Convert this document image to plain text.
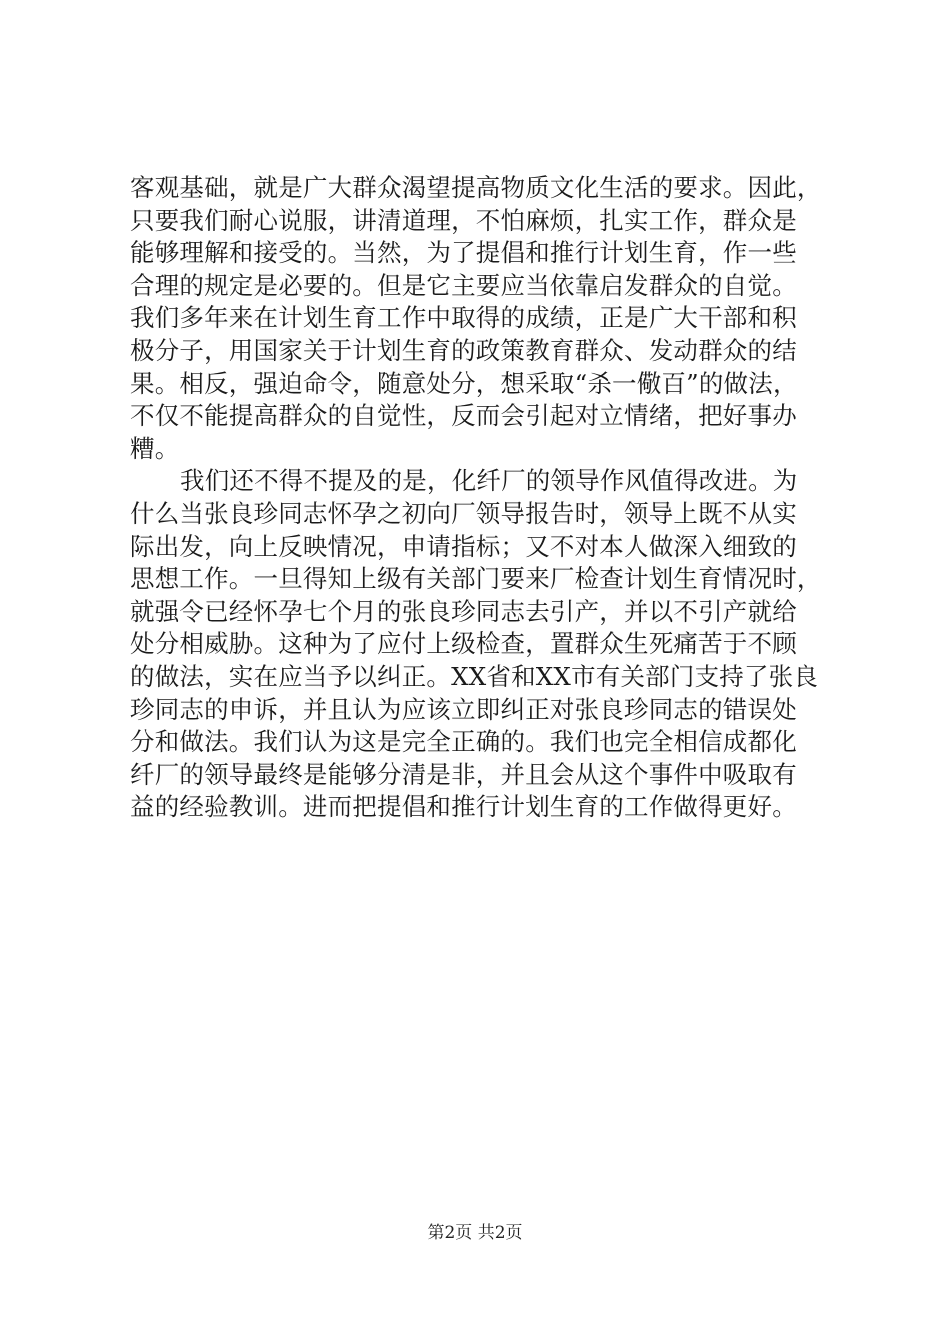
客观基础，就是广大群众渴望提高物质文化生活的要求。因此，
只要我们耐心说服，讲清道理，不怕麻烦，扎实工作，群众是
能够理解和接受的。当然，为了提倡和推行计划生育，作一些
合理的规定是必要的。但是它主要应当依靠启发群众的自觉。
我们多年来在计划生育工作中取得的成绩，正是广大干部和积
极分子，用国家关于计划生育的政策教育群众、发动群众的结
果。相反，强迫命令，随意处分，想采取“杀一儆百”的做法，
不仅不能提高群众的自觉性，反而会引起对立情绪，把好事办
糟。
我们还不得不提及的是，化纤厂的领导作风值得改进。为
什么当张良珍同志怀孕之初向厂领导报告时，领导上既不从实
际出发，向上反映情况，申请指标；又不对本人做深入细致的
思想工作。一旦得知上级有关部门要来厂检查计划生育情况时，
就强令已经怀孕七个月的张良珍同志去引产，并以不引产就给
处分相威胁。这种为了应付上级检查，置群众生死痛苦于不顾
的做法，实在应当予以纠正。XX省和XX市有关部门支持了张良
珍同志的申诉，并且认为应该立即纠正对张良珍同志的错误处
分和做法。我们认为这是完全正确的。我们也完全相信成都化
纤厂的领导最终是能够分清是非，并且会从这个事件中吸取有
益的经验教训。进而把提倡和推行计划生育的工作做得更好。
第2页 共2页
